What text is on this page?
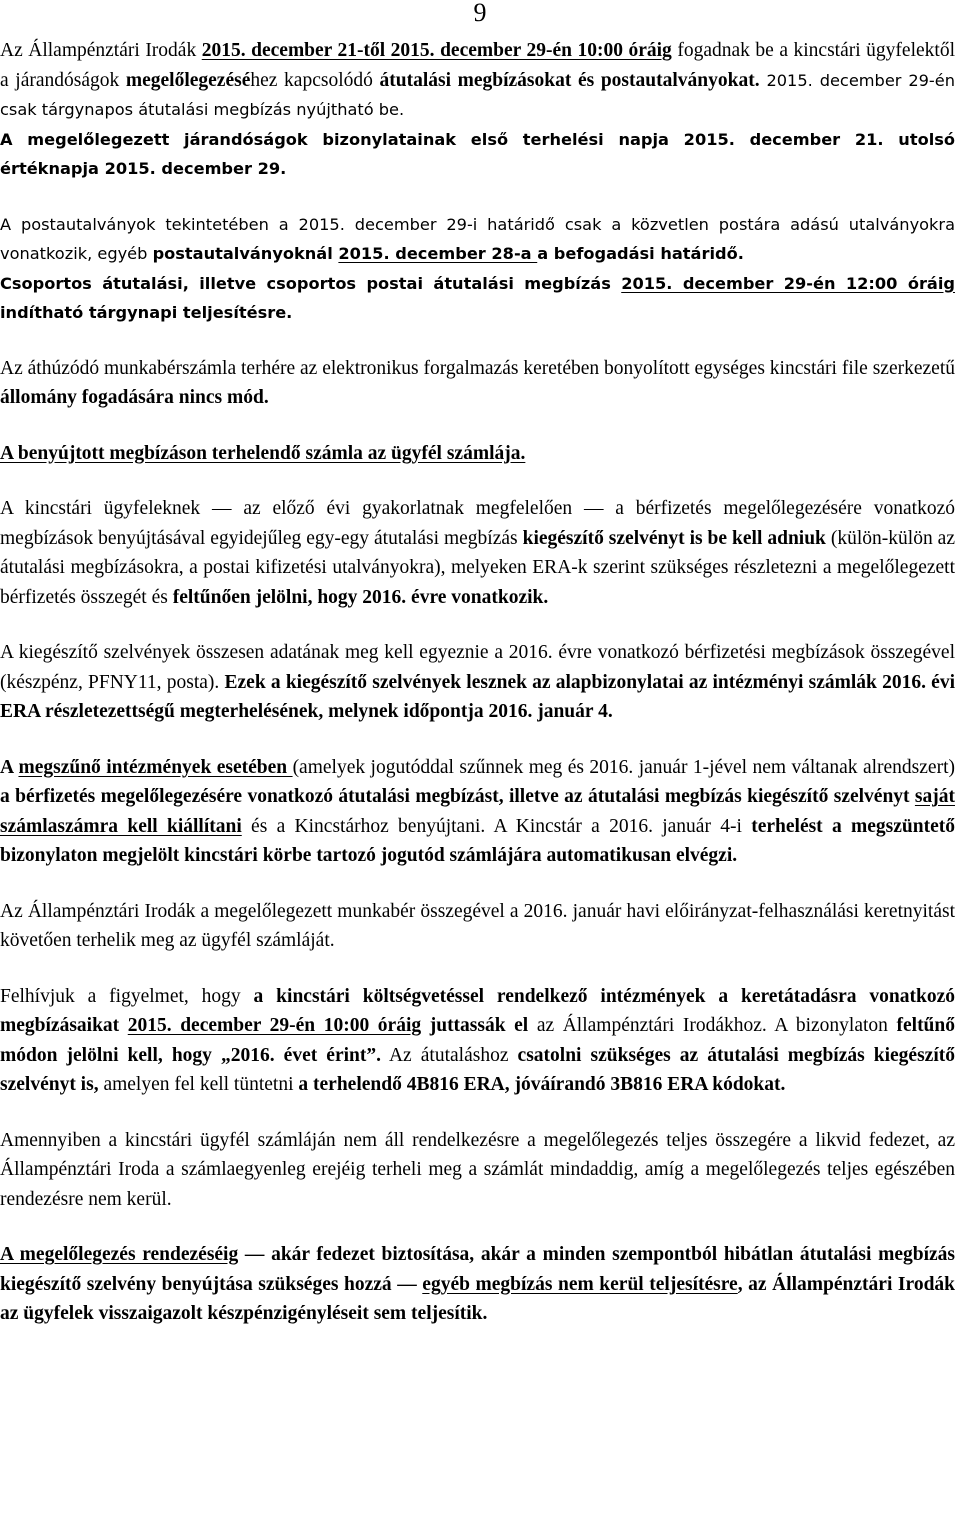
9

Az Állampénztári Irodák 2015. december 21-től 2015. december 29-én 10:00 óráig fogadnak be a kincstári ügyfelektől a járandóságok megelőlegezéséhez kapcsolódó átutalási megbízásokat és postautalványokat. 2015. december 29-én csak tárgynapos átutalási megbízás nyújtható be.

A megelőlegezett járandóságok bizonylatainak első terhelési napja 2015. december 21. utolsó értéknapja 2015. december 29.

A postautalványok tekintetében a 2015. december 29-i határidő csak a közvetlen postára adású utalványokra vonatkozik, egyéb postautalványoknál 2015. december 28-a a befogadási határidő.

Csoportos átutalási, illetve csoportos postai átutalási megbízás 2015. december 29-én 12:00 óráig indítható tárgynapi teljesítésre.

Az áthúzódó munkabérszámla terhére az elektronikus forgalmazás keretében bonyolított egységes kincstári file szerkezetű állomány fogadására nincs mód.

A benyújtott megbízáson terhelendő számla az ügyfél számlája.

A kincstári ügyfeleknek — az előző évi gyakorlatnak megfelelően — a bérfizetés megelőlegezésére vonatkozó megbízások benyújtásával egyidejűleg egy-egy átutalási megbízás kiegészítő szelvényt is be kell adniuk (külön-külön az átutalási megbízásokra, a postai kifizetési utalványokra), melyeken ERA-k szerint szükséges részletezni a megelőlegezett bérfizetés összegét és feltűnően jelölni, hogy 2016. évre vonatkozik.

A kiegészítő szelvények összesen adatának meg kell egyeznie a 2016. évre vonatkozó bérfizetési megbízások összegével (készpénz, PFNY11, posta). Ezek a kiegészítő szelvények lesznek az alapbizonylatai az intézményi számlák 2016. évi ERA részletezettségű megterhelésének, melynek időpontja 2016. január 4.

A megszűnő intézmények esetében (amelyek jogutóddal szűnnek meg és 2016. január 1-jével nem váltanak alrendszert) a bérfizetés megelőlegezésére vonatkozó átutalási megbízást, illetve az átutalási megbízás kiegészítő szelvényt saját számlaszámra kell kiállítani és a Kincstárhoz benyújtani. A Kincstár a 2016. január 4-i terhelést a megszüntető bizonylaton megjelölt kincstári körbe tartozó jogutód számlájára automatikusan elvégzi.

Az Állampénztári Irodák a megelőlegezett munkabér összegével a 2016. január havi előirányzat-felhasználási keretnyitást követően terhelik meg az ügyfél számláját.

Felhívjuk a figyelmet, hogy a kincstári költségvetéssel rendelkező intézmények a keretátadásra vonatkozó megbízásaikat 2015. december 29-én 10:00 óráig juttassák el az Állampénztári Irodákhoz. A bizonylaton feltűnő módon jelölni kell, hogy „2016. évet érint”. Az átutaláshoz csatolni szükséges az átutalási megbízás kiegészítő szelvényt is, amelyen fel kell tüntetni a terhelendő 4B816 ERA, jóváírandó 3B816 ERA kódokat.

Amennyiben a kincstári ügyfél számláján nem áll rendelkezésre a megelőlegezés teljes összegére a likvid fedezet, az Állampénztári Iroda a számlaegyenleg erejéig terheli meg a számlát mindaddig, amíg a megelőlegezés teljes egészében rendezésre nem kerül.

A megelőlegezés rendezéséig — akár fedezet biztosítása, akár a minden szempontból hibátlan átutalási megbízás kiegészítő szelvény benyújtása szükséges hozzá — egyéb megbízás nem kerül teljesítésre, az Állampénztári Irodák az ügyfelek visszaigazolt készpénzigényléseit sem teljesítik.
